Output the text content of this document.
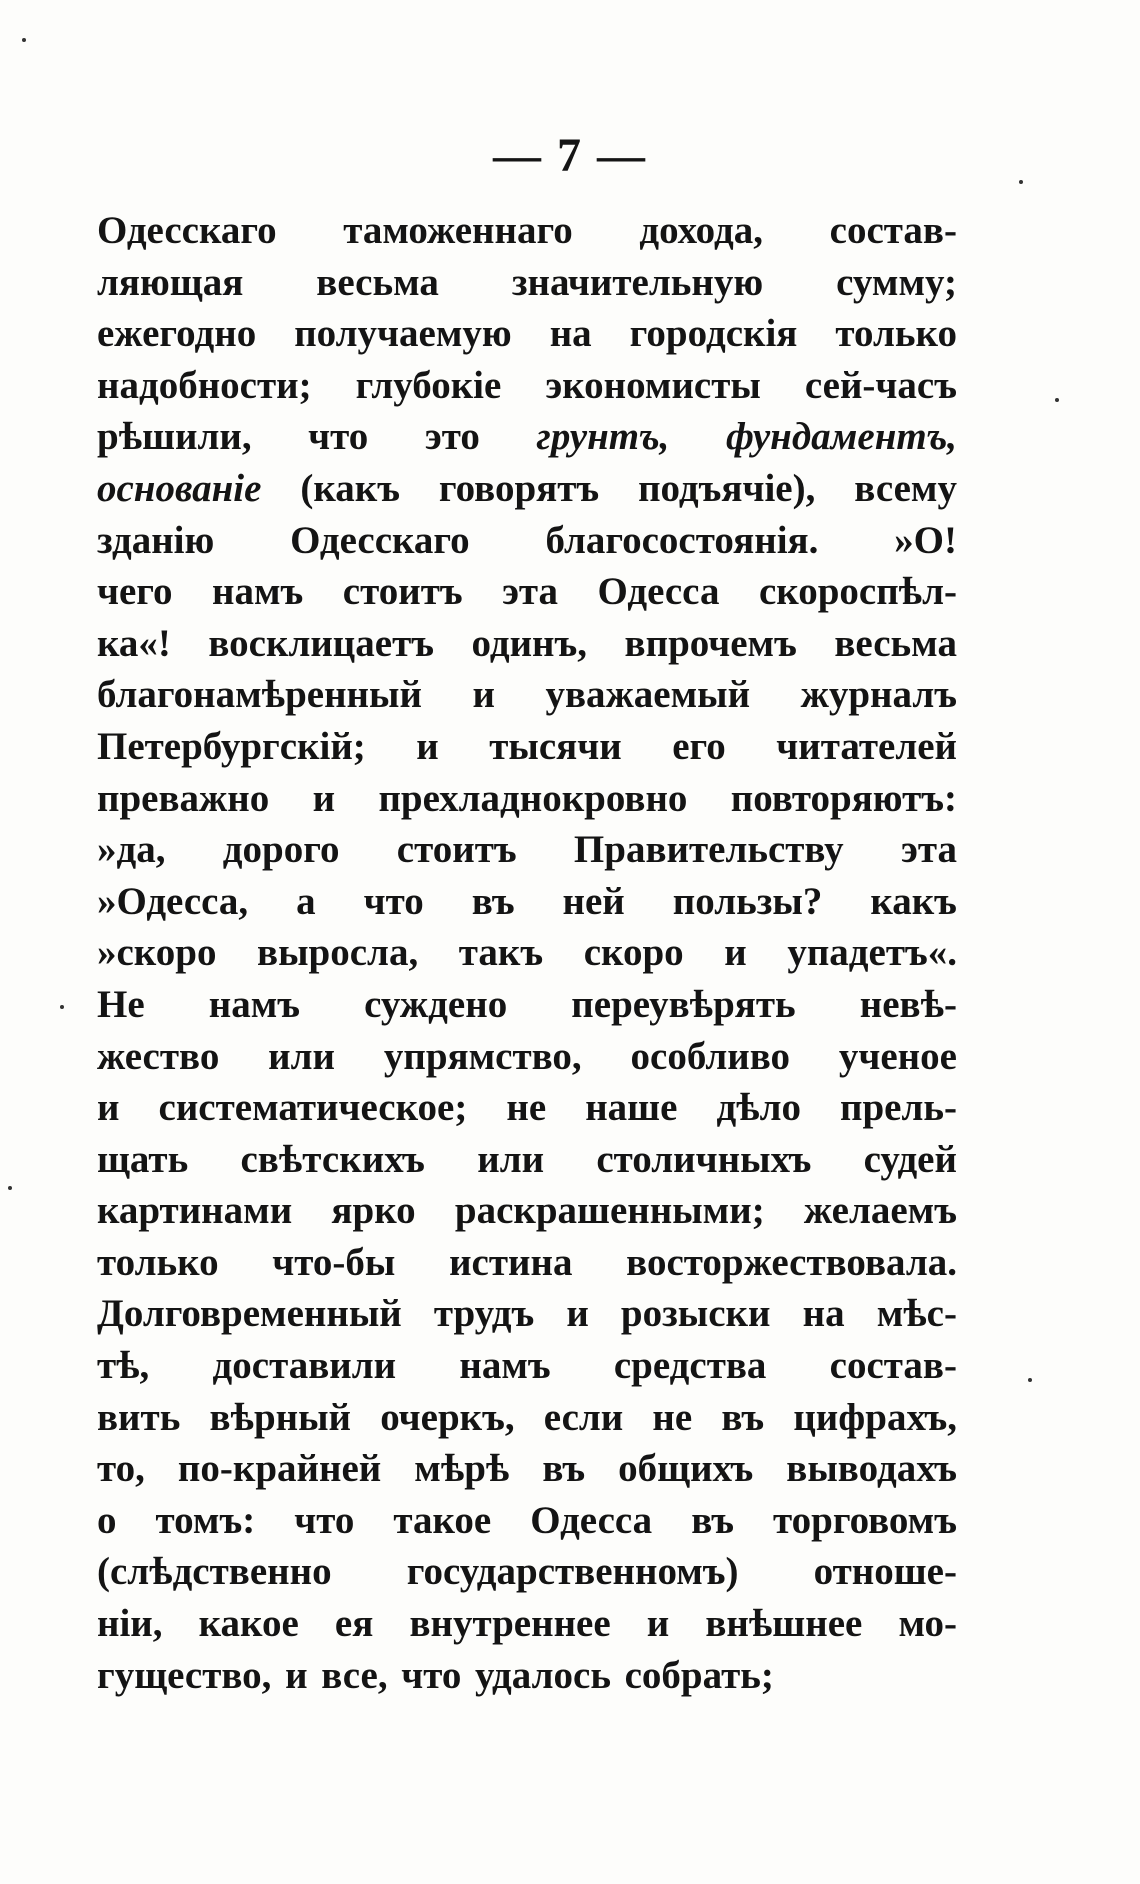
— 7 —
Одесскаго таможеннаго дохода, состав-
ляющая весьма значительную сумму;
ежегодно получаемую на городскія только
надобности; глубокіе экономисты сей-часъ
рѣшили, что это грунтъ, фундаментъ,
основаніе (какъ говорятъ подъячіе), всему
зданію Одесскаго благосостоянія. »О!
чего намъ стоитъ эта Одесса скороспѣл-
ка«! восклицаетъ одинъ, впрочемъ весьма
благонамѣренный и уважаемый журналъ
Петербургскій; и тысячи его читателей
преважно и прехладнокровно повторяютъ:
»да, дорого стоитъ Правительству эта
»Одесса, а что въ ней пользы? какъ
»скоро выросла, такъ скоро и упадетъ«.
Не намъ суждено переувѣрять невѣ-
жество или упрямство, особливо ученое
и систематическое; не наше дѣло прель-
щать свѣтскихъ или столичныхъ судей
картинами ярко раскрашенными; желаемъ
только что-бы истина восторжествовала.
Долговременный трудъ и розыски на мѣс-
тѣ, доставили намъ средства состав-
вить вѣрный очеркъ, если не въ цифрахъ,
то, по-крайней мѣрѣ въ общихъ выводахъ
о томъ: что такое Одесса въ торговомъ
(слѣдственно государственномъ) отноше-
ніи, какое ея внутреннее и внѣшнее мо-
гущество, и все, что удалось собрать;
